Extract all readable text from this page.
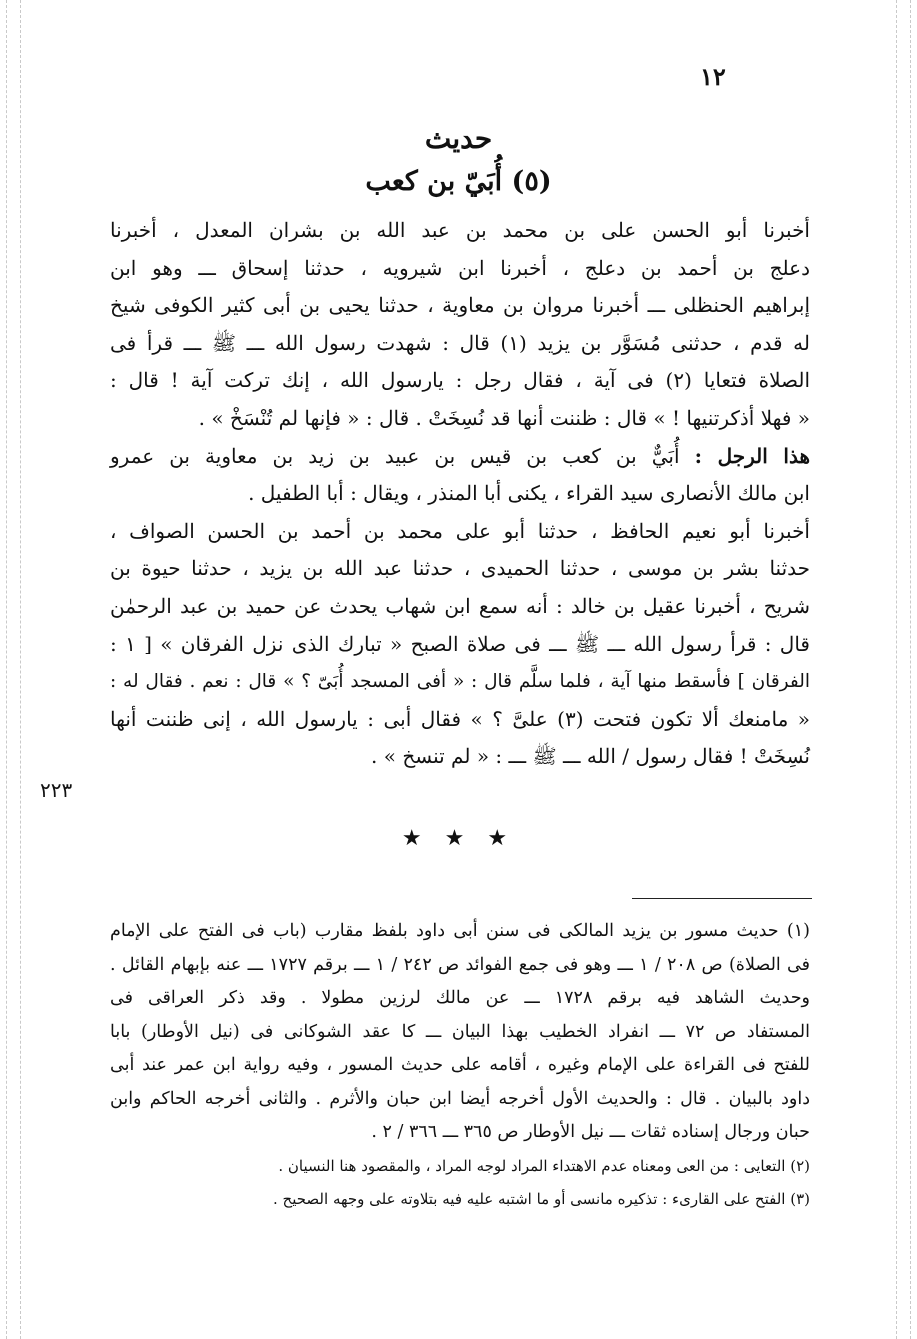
١٢
حديث
(٥) أُبَيّ بن كعب
أخبرنا أبو الحسن على بن محمد بن عبد الله بن بشران المعدل ، أخبرنا
دعلج بن أحمد بن دعلج ، أخبرنا ابن شيرويه ، حدثنا إسحاق ـــ وهو ابن
إبراهيم الحنظلى ـــ أخبرنا مروان بن معاوية ، حدثنا يحيى بن أبى كثير الكوفى شيخ
له قدم ، حدثنى مُسَوَّر بن يزيد (١) قال : شهدت رسول الله ـــ ﷺ ـــ قرأ فى
الصلاة فتعايا (٢) فى آية ، فقال رجل : يارسول الله ، إنك تركت آية ! قال :
« فهلا أذكرتنيها ! » قال : ظننت أنها قد نُسِخَتْ . قال : « فإنها لم تُنْسَخْ » .
هذا الرجل : أُبَيٌّ بن كعب بن قيس بن عبيد بن زيد بن معاوية بن عمرو
ابن مالك الأنصارى سيد القراء ، يكنى أبا المنذر ، ويقال : أبا الطفيل .
أخبرنا أبو نعيم الحافظ ، حدثنا أبو على محمد بن أحمد بن الحسن الصواف ،
حدثنا بشر بن موسى ، حدثنا الحميدى ، حدثنا عبد الله بن يزيد ، حدثنا حيوة بن
شريح ، أخبرنا عقيل بن خالد : أنه سمع ابن شهاب يحدث عن حميد بن عبد الرحمٰن
قال : قرأ رسول الله ـــ ﷺ ـــ فى صلاة الصبح « تبارك الذى نزل الفرقان » [ ١ :
الفرقان ] فأسقط منها آية ، فلما سلَّم قال : « أفى المسجد أُبَىّ ؟ » قال : نعم . فقال له :
« مامنعك ألا تكون فتحت (٣) علىَّ ؟ » فقال أبى : يارسول الله ، إنى ظننت أنها
نُسِخَتْ ! فقال رسول / الله ـــ ﷺ ـــ : « لم تنسخ » .
٢٢٣
★ ★ ★
(١) حديث مسور بن يزيد المالكى فى سنن أبى داود بلفظ مقارب (باب فى الفتح على الإمام
فى الصلاة) ص ٢٠٨ / ١ ـــ وهو فى جمع الفوائد ص ٢٤٢ / ١ ـــ برقم ١٧٢٧ ـــ عنه بإبهام القائل .
وحديث الشاهد فيه برقم ١٧٢٨ ـــ عن مالك لرزين مطولا . وقد ذكر العراقى فى
المستفاد ص ٧٢ ـــ انفراد الخطيب بهذا البيان ـــ كا عقد الشوكانى فى (نيل الأوطار) بابا
للفتح فى القراءة على الإمام وغيره ، أقامه على حديث المسور ، وفيه رواية ابن عمر عند أبى
داود بالبيان . قال : والحديث الأول أخرجه أيضا ابن حبان والأثرم . والثانى أخرجه الحاكم وابن
حبان ورجال إسناده ثقات ـــ نيل الأوطار ص ٣٦٥ ـــ ٣٦٦ / ٢ .
(٢) التعايى : من العى ومعناه عدم الاهتداء المراد لوجه المراد ، والمقصود هنا النسيان .
(٣) الفتح على القارىء : تذكيره مانسى أو ما اشتبه عليه فيه بتلاوته على وجهه الصحيح .
